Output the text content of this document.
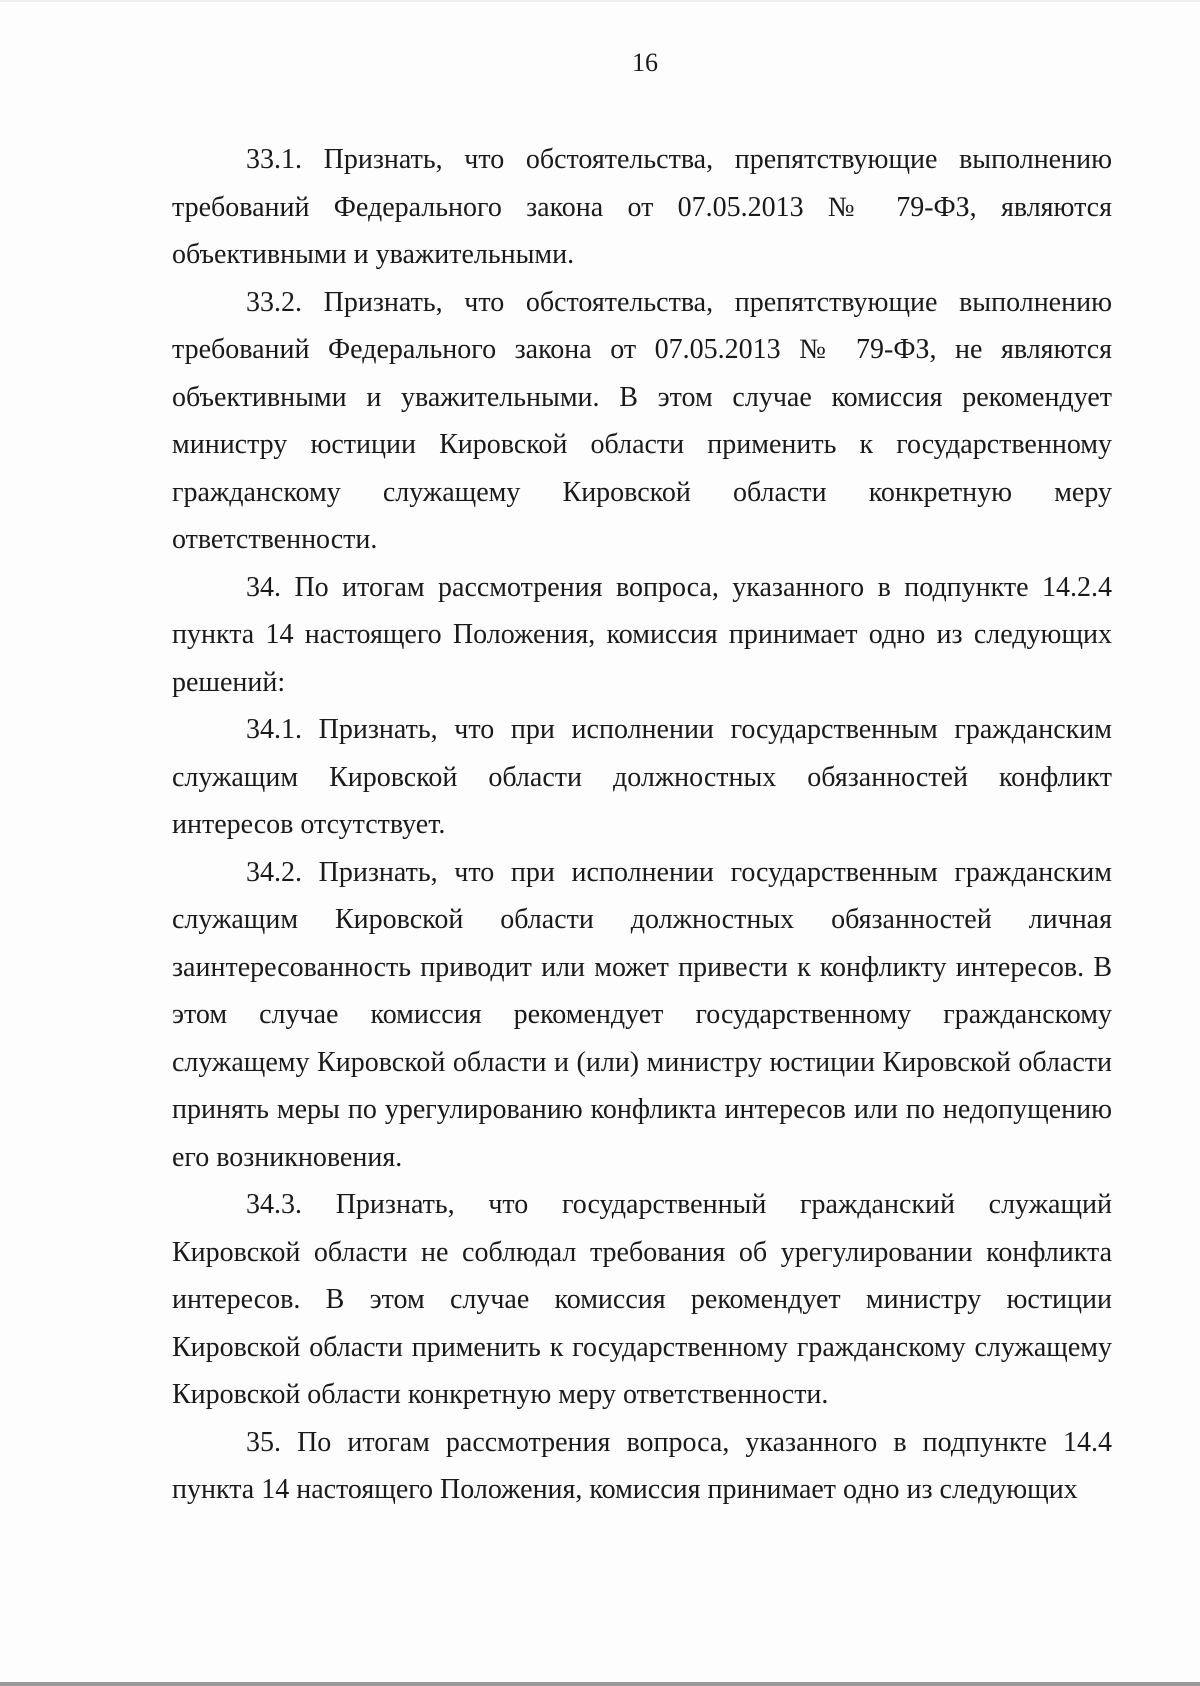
16

33.1. Признать, что обстоятельства, препятствующие выполнению требований Федерального закона от 07.05.2013 № 79-ФЗ, являются объективными и уважительными.

33.2. Признать, что обстоятельства, препятствующие выполнению требований Федерального закона от 07.05.2013 № 79-ФЗ, не являются объективными и уважительными. В этом случае комиссия рекомендует министру юстиции Кировской области применить к государственному гражданскому служащему Кировской области конкретную меру ответственности.

34. По итогам рассмотрения вопроса, указанного в подпункте 14.2.4 пункта 14 настоящего Положения, комиссия принимает одно из следующих решений:

34.1. Признать, что при исполнении государственным гражданским служащим Кировской области должностных обязанностей конфликт интересов отсутствует.

34.2. Признать, что при исполнении государственным гражданским служащим Кировской области должностных обязанностей личная заинтересованность приводит или может привести к конфликту интересов. В этом случае комиссия рекомендует государственному гражданскому служащему Кировской области и (или) министру юстиции Кировской области принять меры по урегулированию конфликта интересов или по недопущению его возникновения.

34.3. Признать, что государственный гражданский служащий Кировской области не соблюдал требования об урегулировании конфликта интересов. В этом случае комиссия рекомендует министру юстиции Кировской области применить к государственному гражданскому служащему Кировской области конкретную меру ответственности.

35. По итогам рассмотрения вопроса, указанного в подпункте 14.4 пункта 14 настоящего Положения, комиссия принимает одно из следующих
